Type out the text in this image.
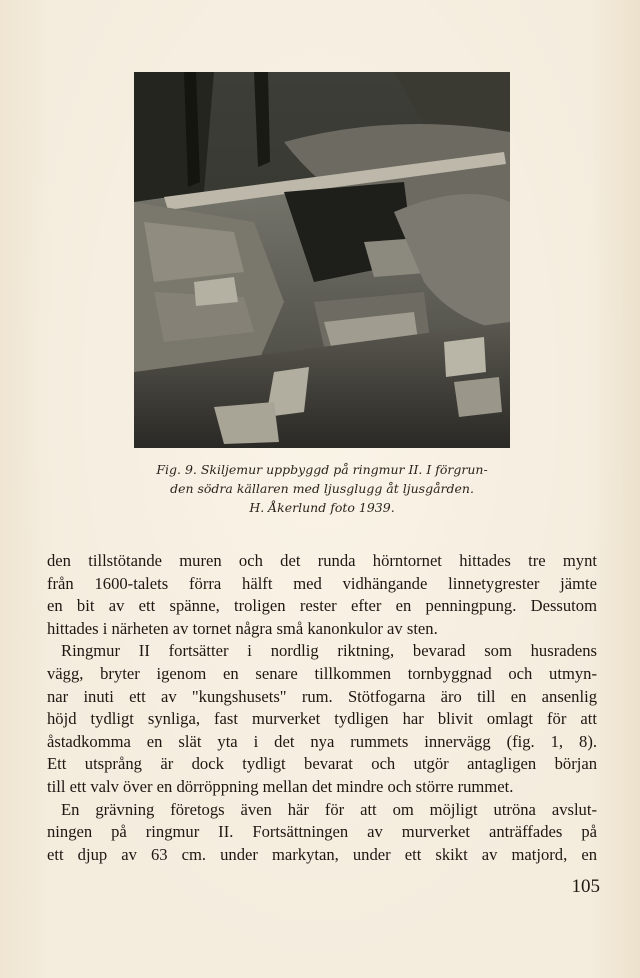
Fig. 9. Skiljemur uppbyggd på ringmur II. I förgrun-
den södra källaren med ljusglugg åt ljusgården.
H. Åkerlund foto 1939.
den tillstötande muren och det runda hörntornet hittades tre mynt
från 1600-talets förra hälft med vidhängande linnetygrester jämte
en bit av ett spänne, troligen rester efter en penningpung. Dessutom
hittades i närheten av tornet några små kanonkulor av sten.
Ringmur II fortsätter i nordlig riktning, bevarad som husradens
vägg, bryter igenom en senare tillkommen tornbyggnad och utmyn-
nar inuti ett av "kungshusets" rum. Stötfogarna äro till en ansenlig
höjd tydligt synliga, fast murverket tydligen har blivit omlagt för att
åstadkomma en slät yta i det nya rummets innervägg (fig. 1, 8).
Ett utsprång är dock tydligt bevarat och utgör antagligen början
till ett valv över en dörröppning mellan det mindre och större rummet.
En grävning företogs även här för att om möjligt utröna avslut-
ningen på ringmur II. Fortsättningen av murverket anträffades på
ett djup av 63 cm. under markytan, under ett skikt av matjord, en
105
